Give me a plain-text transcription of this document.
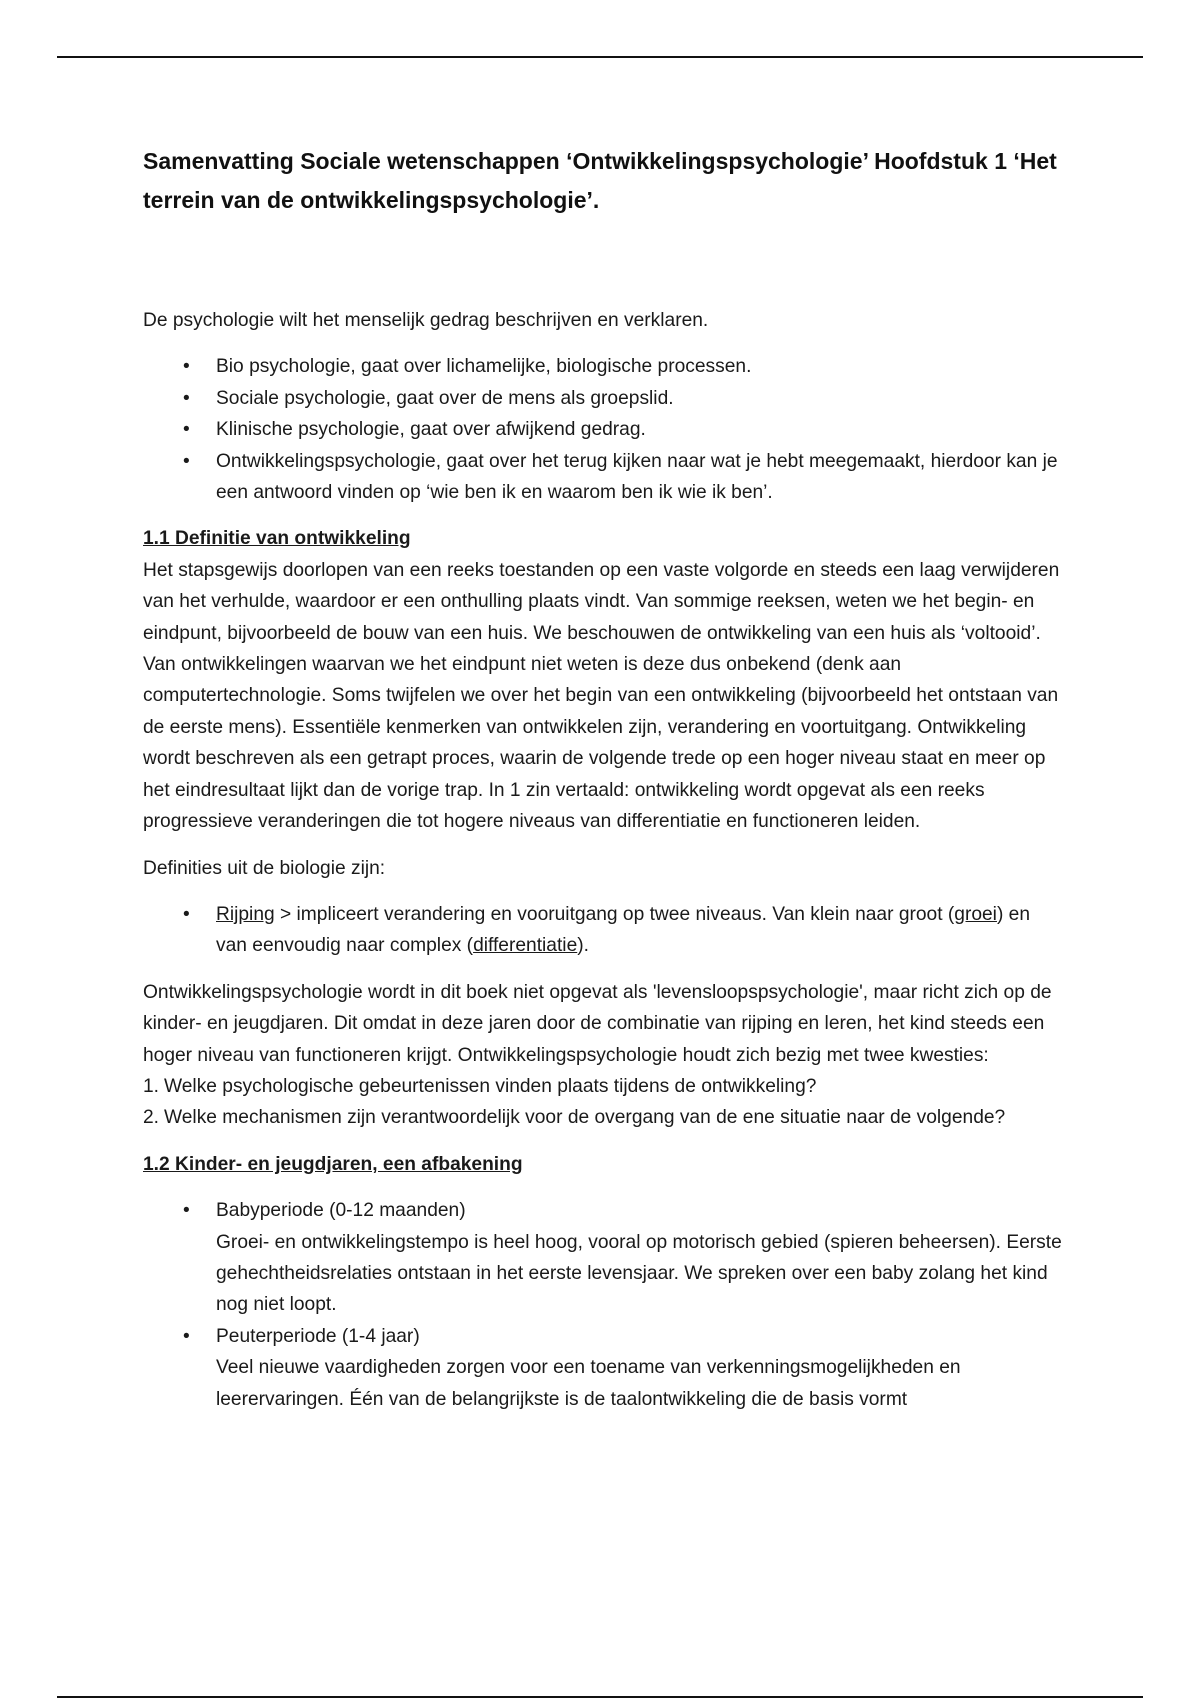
Samenvatting Sociale wetenschappen ‘Ontwikkelingspsychologie’ Hoofdstuk 1 ‘Het terrein van de ontwikkelingspsychologie’.

De psychologie wilt het menselijk gedrag beschrijven en verklaren.

• Bio psychologie, gaat over lichamelijke, biologische processen.
• Sociale psychologie, gaat over de mens als groepslid.
• Klinische psychologie, gaat over afwijkend gedrag.
• Ontwikkelingspsychologie, gaat over het terug kijken naar wat je hebt meegemaakt, hierdoor kan je een antwoord vinden op ‘wie ben ik en waarom ben ik wie ik ben’.
1.1 Definitie van ontwikkeling

Het stapsgewijs doorlopen van een reeks toestanden op een vaste volgorde en steeds een laag verwijderen van het verhulde, waardoor er een onthulling plaats vindt. Van sommige reeksen, weten we het begin- en eindpunt, bijvoorbeeld de bouw van een huis. We beschouwen de ontwikkeling van een huis als ‘voltooid’. Van ontwikkelingen waarvan we het eindpunt niet weten is deze dus onbekend (denk aan computertechnologie. Soms twijfelen we over het begin van een ontwikkeling (bijvoorbeeld het ontstaan van de eerste mens). Essentiële kenmerken van ontwikkelen zijn, verandering en voortuitgang. Ontwikkeling wordt beschreven als een getrapt proces, waarin de volgende trede op een hoger niveau staat en meer op het eindresultaat lijkt dan de vorige trap. In 1 zin vertaald: ontwikkeling wordt opgevat als een reeks progressieve veranderingen die tot hogere niveaus van differentiatie en functioneren leiden.

Definities uit de biologie zijn:

• Rijping > impliceert verandering en vooruitgang op twee niveaus. Van klein naar groot (groei) en van eenvoudig naar complex (differentiatie).

Ontwikkelingspsychologie wordt in dit boek niet opgevat als 'levensloopspsychologie', maar richt zich op de kinder- en jeugdjaren. Dit omdat in deze jaren door de combinatie van rijping en leren, het kind steeds een hoger niveau van functioneren krijgt. Ontwikkelingspsychologie houdt zich bezig met twee kwesties:

1. Welke psychologische gebeurtenissen vinden plaats tijdens de ontwikkeling?
2. Welke mechanismen zijn verantwoordelijk voor de overgang van de ene situatie naar de volgende?
1.2 Kinder- en jeugdjaren, een afbakening
• Babyperiode (0-12 maanden)
Groei- en ontwikkelingstempo is heel hoog, vooral op motorisch gebied (spieren beheersen). Eerste gehechtheidsrelaties ontstaan in het eerste levensjaar. We spreken over een baby zolang het kind nog niet loopt.
• Peuterperiode (1-4 jaar)
Veel nieuwe vaardigheden zorgen voor een toename van verkenningsmogelijkheden en leerervaringen. Één van de belangrijkste is de taalontwikkeling die de basis vormt
